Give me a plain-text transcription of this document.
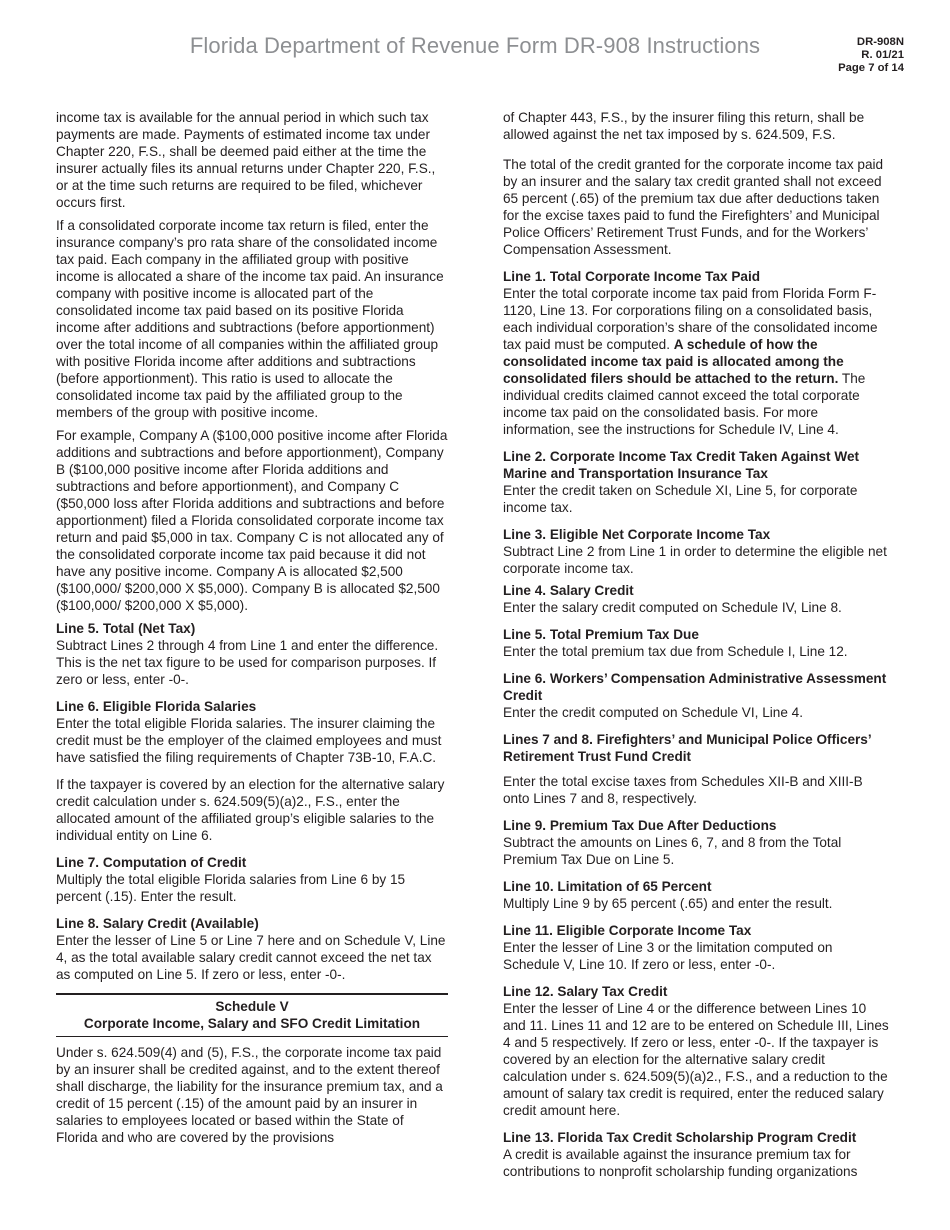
Florida Department of Revenue Form DR-908 Instructions	DR-908N
R. 01/21
Page 7 of 14

income tax is available for the annual period in which such tax payments are made. Payments of estimated income tax under Chapter 220, F.S., shall be deemed paid either at the time the insurer actually files its annual returns under Chapter 220, F.S., or at the time such returns are required to be filed, whichever occurs first.

If a consolidated corporate income tax return is filed, enter the insurance company’s pro rata share of the consolidated income tax paid. Each company in the affiliated group with positive income is allocated a share of the income tax paid. An insurance company with positive income is allocated part of the consolidated income tax paid based on its positive Florida income after additions and subtractions (before apportionment) over the total income of all companies within the affiliated group with positive Florida income after additions and subtractions (before apportionment). This ratio is used to allocate the consolidated income tax paid by the affiliated group to the members of the group with positive income.

For example, Company A ($100,000 positive income after Florida additions and subtractions and before apportionment), Company B ($100,000 positive income after Florida additions and subtractions and before apportionment), and Company C ($50,000 loss after Florida additions and subtractions and before apportionment) filed a Florida consolidated corporate income tax return and paid $5,000 in tax. Company C is not allocated any of the consolidated corporate income tax paid because it did not have any positive income. Company A is allocated $2,500 ($100,000/ $200,000 X $5,000). Company B is allocated $2,500 ($100,000/ $200,000 X $5,000).

Line 5. Total (Net Tax)

Subtract Lines 2 through 4 from Line 1 and enter the difference. This is the net tax figure to be used for comparison purposes. If zero or less, enter -0-.

Line 6. Eligible Florida Salaries

Enter the total eligible Florida salaries. The insurer claiming the credit must be the employer of the claimed employees and must have satisfied the filing requirements of Chapter 73B-10, F.A.C.

If the taxpayer is covered by an election for the alternative salary credit calculation under s. 624.509(5)(a)2., F.S., enter the allocated amount of the affiliated group’s eligible salaries to the individual entity on Line 6.

Line 7. Computation of Credit

Multiply the total eligible Florida salaries from Line 6 by 15 percent (.15). Enter the result.

Line 8. Salary Credit (Available)

Enter the lesser of Line 5 or Line 7 here and on Schedule V, Line 4, as the total available salary credit cannot exceed the net tax as computed on Line 5. If zero or less, enter -0-.

Schedule V
Corporate Income, Salary and SFO Credit Limitation

Under s. 624.509(4) and (5), F.S., the corporate income tax paid by an insurer shall be credited against, and to the extent thereof shall discharge, the liability for the insurance premium tax, and a credit of 15 percent (.15) of the amount paid by an insurer in salaries to employees located or based within the State of Florida and who are covered by the provisions

of Chapter 443, F.S., by the insurer filing this return, shall be allowed against the net tax imposed by s. 624.509, F.S.

The total of the credit granted for the corporate income tax paid by an insurer and the salary tax credit granted shall not exceed 65 percent (.65) of the premium tax due after deductions taken for the excise taxes paid to fund the Firefighters’ and Municipal Police Officers’ Retirement Trust Funds, and for the Workers’ Compensation Assessment.

Line 1. Total Corporate Income Tax Paid

Enter the total corporate income tax paid from Florida Form F-1120, Line 13. For corporations filing on a consolidated basis, each individual corporation’s share of the consolidated income tax paid must be computed. A schedule of how the consolidated income tax paid is allocated among the consolidated filers should be attached to the return. The individual credits claimed cannot exceed the total corporate income tax paid on the consolidated basis. For more information, see the instructions for Schedule IV, Line 4.

Line 2. Corporate Income Tax Credit Taken Against Wet Marine and Transportation Insurance Tax

Enter the credit taken on Schedule XI, Line 5, for corporate income tax.

Line 3. Eligible Net Corporate Income Tax

Subtract Line 2 from Line 1 in order to determine the eligible net corporate income tax.

Line 4. Salary Credit

Enter the salary credit computed on Schedule IV, Line 8.

Line 5. Total Premium Tax Due

Enter the total premium tax due from Schedule I, Line 12.

Line 6. Workers’ Compensation Administrative Assessment Credit

Enter the credit computed on Schedule VI, Line 4.

Lines 7 and 8. Firefighters’ and Municipal Police Officers’ Retirement Trust Fund Credit

Enter the total excise taxes from Schedules XII-B and XIII-B onto Lines 7 and 8, respectively.

Line 9. Premium Tax Due After Deductions

Subtract the amounts on Lines 6, 7, and 8 from the Total Premium Tax Due on Line 5.

Line 10. Limitation of 65 Percent

Multiply Line 9 by 65 percent (.65) and enter the result.

Line 11. Eligible Corporate Income Tax

Enter the lesser of Line 3 or the limitation computed on Schedule V, Line 10. If zero or less, enter -0-.

Line 12. Salary Tax Credit

Enter the lesser of Line 4 or the difference between Lines 10 and 11. Lines 11 and 12 are to be entered on Schedule III, Lines 4 and 5 respectively. If zero or less, enter -0-. If the taxpayer is covered by an election for the alternative salary credit calculation under s. 624.509(5)(a)2., F.S., and a reduction to the amount of salary tax credit is required, enter the reduced salary credit amount here.

Line 13. Florida Tax Credit Scholarship Program Credit

A credit is available against the insurance premium tax for contributions to nonprofit scholarship funding organizations
